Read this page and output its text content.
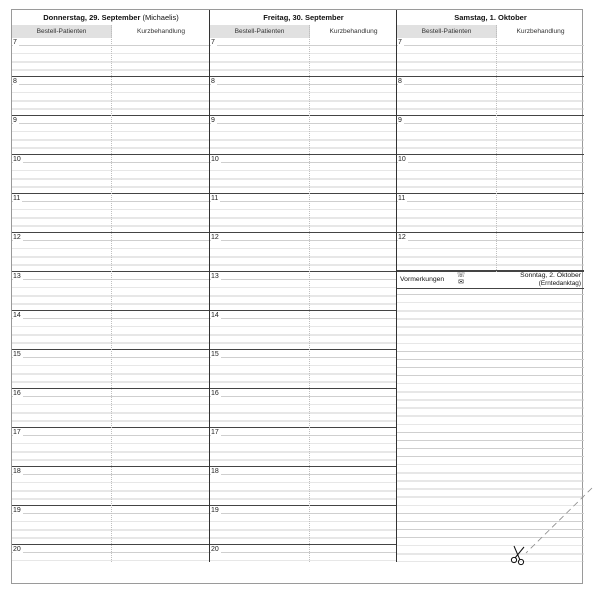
Donnerstag, 29. September (Michaelis)
Bestell-Patienten	Kurzbehandlung
7
8
9
10
11
12
13
14
15
16
17
18
19
20
Freitag, 30. September
Bestell-Patienten	Kurzbehandlung
7
8
9
10
11
12
13
14
15
16
17
18
19
20
Samstag, 1. Oktober
Bestell-Patienten	Kurzbehandlung
7
8
9
10
11
12
Vormerkungen
☏
✉
Sonntag, 2. Oktober
(Erntedanktag)
